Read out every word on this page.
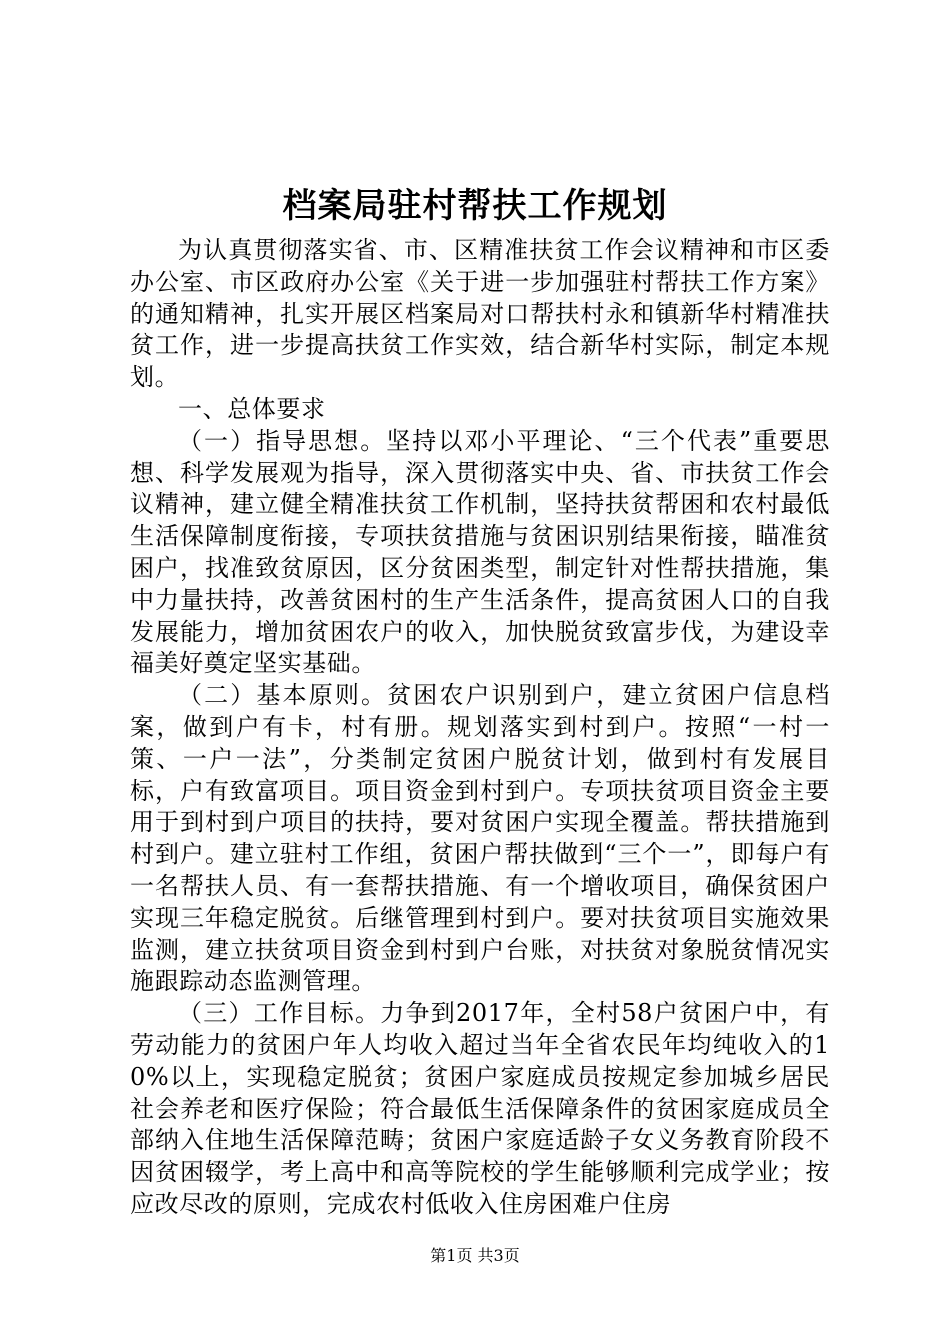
档案局驻村帮扶工作规划

为认真贯彻落实省、市、区精准扶贫工作会议精神和市区委办公室、市区政府办公室《关于进一步加强驻村帮扶工作方案》的通知精神，扎实开展区档案局对口帮扶村永和镇新华村精准扶贫工作，进一步提高扶贫工作实效，结合新华村实际，制定本规划。

一、总体要求

（一）指导思想。坚持以邓小平理论、“三个代表”重要思想、科学发展观为指导，深入贯彻落实中央、省、市扶贫工作会议精神，建立健全精准扶贫工作机制，坚持扶贫帮困和农村最低生活保障制度衔接，专项扶贫措施与贫困识别结果衔接，瞄准贫困户，找准致贫原因，区分贫困类型，制定针对性帮扶措施，集中力量扶持，改善贫困村的生产生活条件，提高贫困人口的自我发展能力，增加贫困农户的收入，加快脱贫致富步伐，为建设幸福美好奠定坚实基础。

（二）基本原则。贫困农户识别到户，建立贫困户信息档案，做到户有卡，村有册。规划落实到村到户。按照“一村一策、一户一法”，分类制定贫困户脱贫计划，做到村有发展目标，户有致富项目。项目资金到村到户。专项扶贫项目资金主要用于到村到户项目的扶持，要对贫困户实现全覆盖。帮扶措施到村到户。建立驻村工作组，贫困户帮扶做到“三个一”，即每户有一名帮扶人员、有一套帮扶措施、有一个增收项目，确保贫困户实现三年稳定脱贫。后继管理到村到户。要对扶贫项目实施效果监测，建立扶贫项目资金到村到户台账，对扶贫对象脱贫情况实施跟踪动态监测管理。

（三）工作目标。力争到2017年，全村58户贫困户中，有劳动能力的贫困户年人均收入超过当年全省农民年均纯收入的10%以上，实现稳定脱贫；贫困户家庭成员按规定参加城乡居民社会养老和医疗保险；符合最低生活保障条件的贫困家庭成员全部纳入住地生活保障范畴；贫困户家庭适龄子女义务教育阶段不因贫困辍学，考上高中和高等院校的学生能够顺利完成学业；按应改尽改的原则，完成农村低收入住房困难户住房

第1页 共3页
